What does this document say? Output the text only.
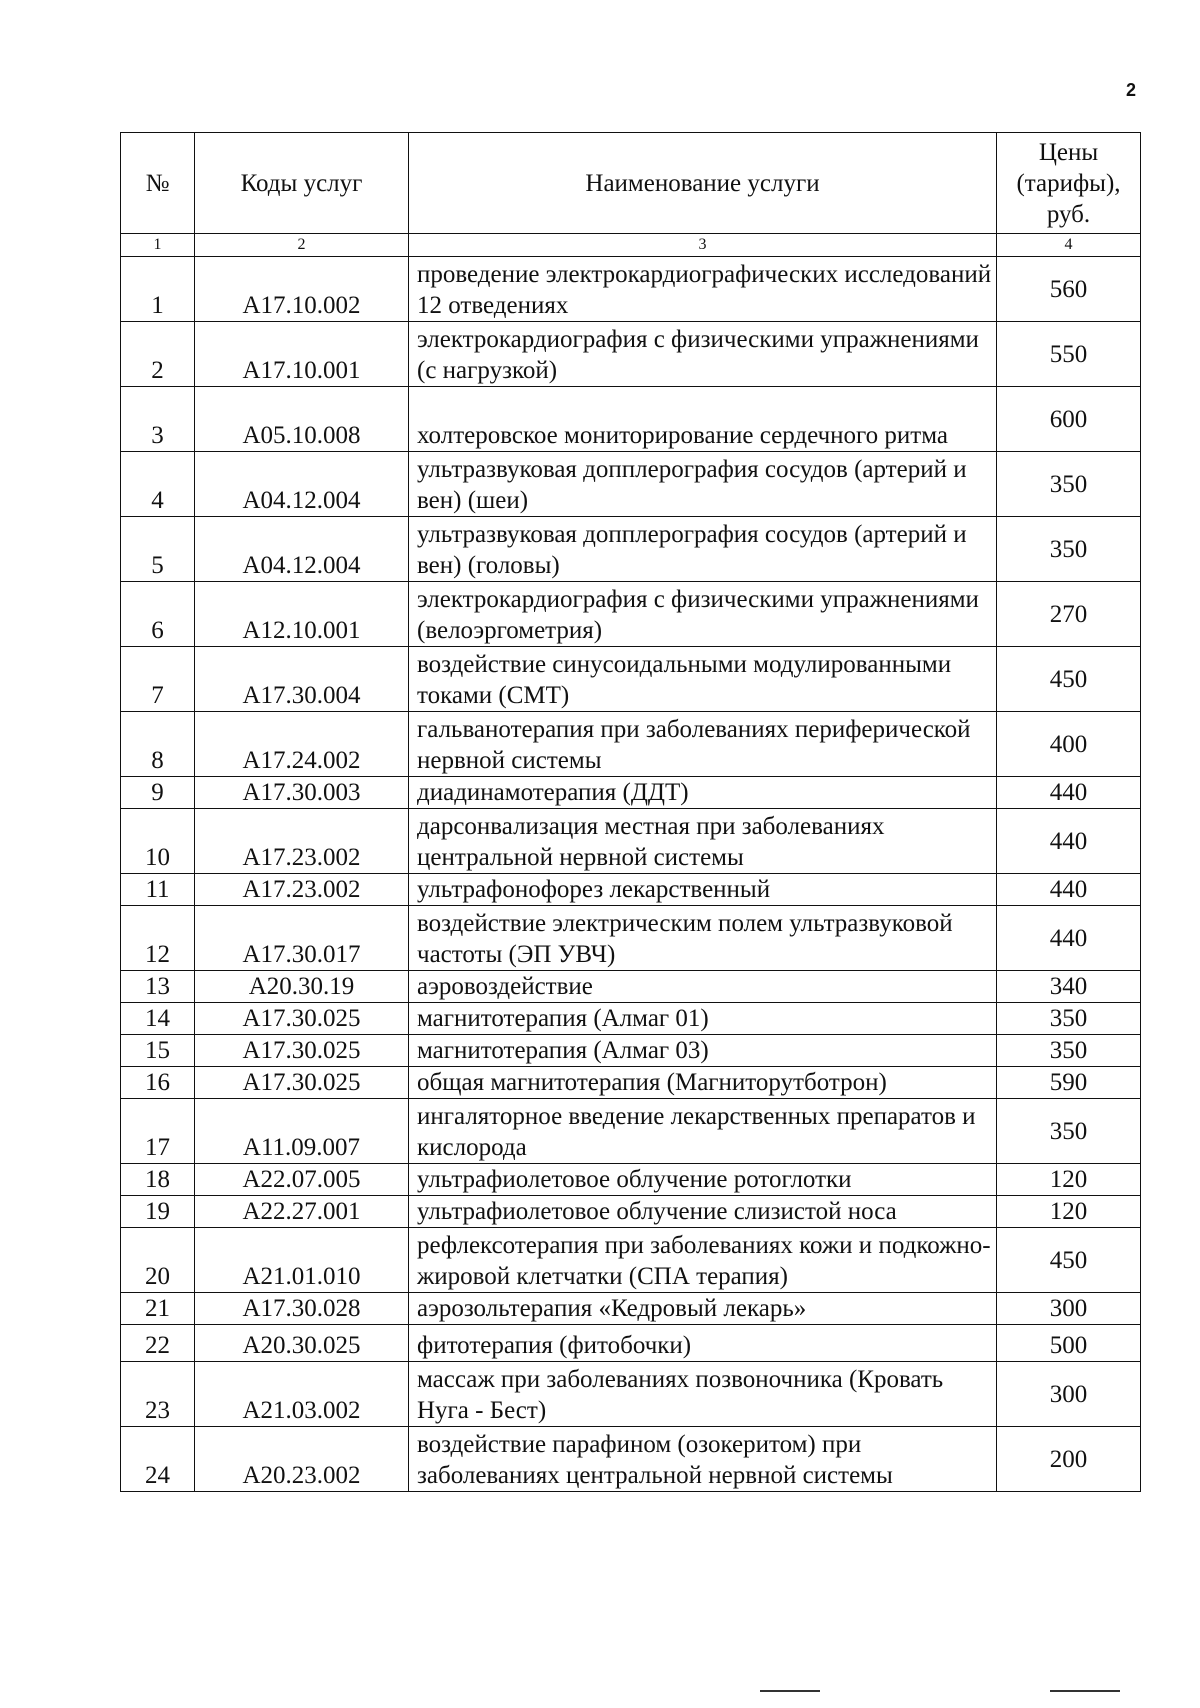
2
№	Коды услуг	Наименование услуги	Цены (тарифы), руб.
1	2	3	4
1	А17.10.002	проведение электрокардиографических исследований 12 отведениях	560
2	А17.10.001	электрокардиография с физическими упражнениями (с нагрузкой)	550
3	А05.10.008	холтеровское мониторирование сердечного ритма	600
4	А04.12.004	ультразвуковая допплерография сосудов (артерий и вен) (шеи)	350
5	А04.12.004	ультразвуковая допплерография сосудов (артерий и вен) (головы)	350
6	А12.10.001	электрокардиография с физическими упражнениями (велоэргометрия)	270
7	А17.30.004	воздействие синусоидальными модулированными токами (СМТ)	450
8	А17.24.002	гальванотерапия при заболеваниях периферической нервной системы	400
9	А17.30.003	диадинамотерапия (ДДТ)	440
10	А17.23.002	дарсонвализация местная при заболеваниях центральной нервной системы	440
11	А17.23.002	ультрафонофорез лекарственный	440
12	А17.30.017	воздействие электрическим полем ультразвуковой частоты (ЭП УВЧ)	440
13	А20.30.19	аэровоздействие	340
14	А17.30.025	магнитотерапия (Алмаг 01)	350
15	А17.30.025	магнитотерапия (Алмаг 03)	350
16	А17.30.025	общая магнитотерапия (Магниторутботрон)	590
17	А11.09.007	ингаляторное введение лекарственных препаратов и кислорода	350
18	А22.07.005	ультрафиолетовое облучение ротоглотки	120
19	А22.27.001	ультрафиолетовое облучение слизистой носа	120
20	А21.01.010	рефлексотерапия при заболеваниях кожи и подкожно-жировой клетчатки (СПА терапия)	450
21	А17.30.028	аэрозольтерапия «Кедровый лекарь»	300
22	А20.30.025	фитотерапия (фитобочки)	500
23	А21.03.002	массаж при заболеваниях позвоночника (Кровать Нуга - Бест)	300
24	А20.23.002	воздействие парафином (озокеритом) при заболеваниях центральной нервной системы	200
